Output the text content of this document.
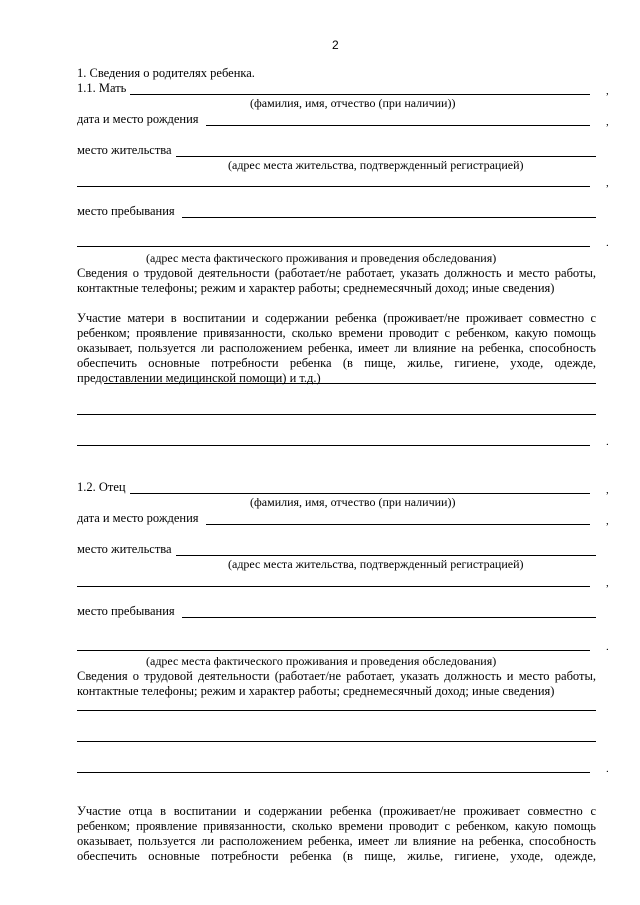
2
1. Сведения о родителях ребенка.
1.1. Мать	,
(фамилия, имя, отчество (при наличии))
дата и место рождения	,
место жительства
(адрес места жительства, подтвержденный регистрацией)
,
место пребывания
.
(адрес места фактического проживания и проведения обследования)
Сведения о трудовой деятельности (работает/не работает, указать должность и место работы,
контактные телефоны; режим и характер работы; среднемесячный доход; иные сведения)
Участие матери в воспитании и содержании ребенка (проживает/не проживает совместно с
ребенком; проявление привязанности, сколько времени проводит с ребенком, какую помощь
оказывает, пользуется ли расположением ребенка, имеет ли влияние на ребенка, способность
обеспечить основные потребности ребенка (в пище, жилье, гигиене, уходе, одежде,
предоставлении медицинской помощи) и т.д.)
.
1.2. Отец	,
(фамилия, имя, отчество (при наличии))
дата и место рождения	,
место жительства
(адрес места жительства, подтвержденный регистрацией)
,
место пребывания
.
(адрес места фактического проживания и проведения обследования)
Сведения о трудовой деятельности (работает/не работает, указать должность и место работы,
контактные телефоны; режим и характер работы; среднемесячный доход; иные сведения)
.
Участие отца в воспитании и содержании ребенка (проживает/не проживает совместно с
ребенком; проявление привязанности, сколько времени проводит с ребенком, какую помощь
оказывает, пользуется ли расположением ребенка, имеет ли влияние на ребенка, способность
обеспечить основные потребности ребенка (в пище, жилье, гигиене, уходе, одежде,
